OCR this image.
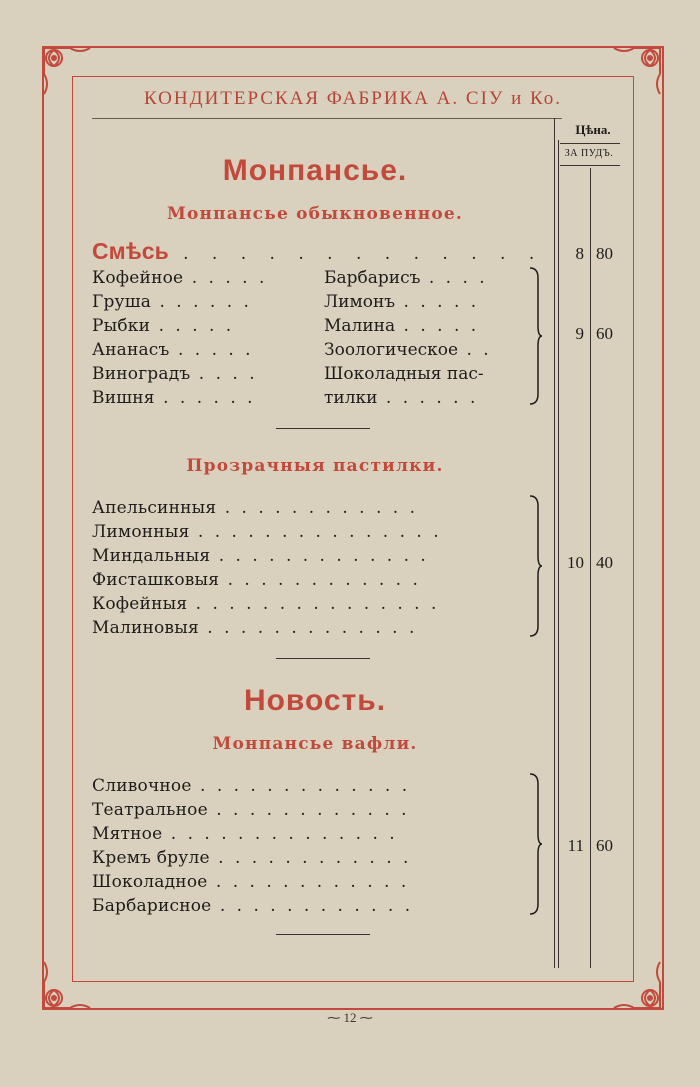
КОНДИТЕРСКАЯ ФАБРИКА А. СІУ и Ко.
Цѣна.
ЗА ПУДЪ.
Монпансье.
Монпансье обыкновенное.
Смѣсь . . . . . . . . . . . . .	8 80
Кофейное . . . . .
Груша . . . . . .
Рыбки . . . . .
Ананасъ . . . . .
Виноградъ . . . .
Вишня . . . . . .
Барбарисъ . . . .
Лимонъ . . . . .
Малина . . . . .
Зоологическое . .
Шоколадныя пас-
тилки . . . . . .
9 60
Прозрачныя пастилки.
Апельсинныя . . . . . . . . . . . .
Лимонныя . . . . . . . . . . . . . . .
Миндальныя . . . . . . . . . . . . .
Фисташковыя . . . . . . . . . . . .
Кофейныя . . . . . . . . . . . . . . .
Малиновыя . . . . . . . . . . . . .
10 40
Новость.
Монпансье вафли.
Сливочное . . . . . . . . . . . . .
Театральное . . . . . . . . . . . .
Мятное . . . . . . . . . . . . . .
Кремъ бруле . . . . . . . . . . . .
Шоколадное . . . . . . . . . . . .
Барбарисное . . . . . . . . . . . .
11 60
⁓ 12 ⁓
